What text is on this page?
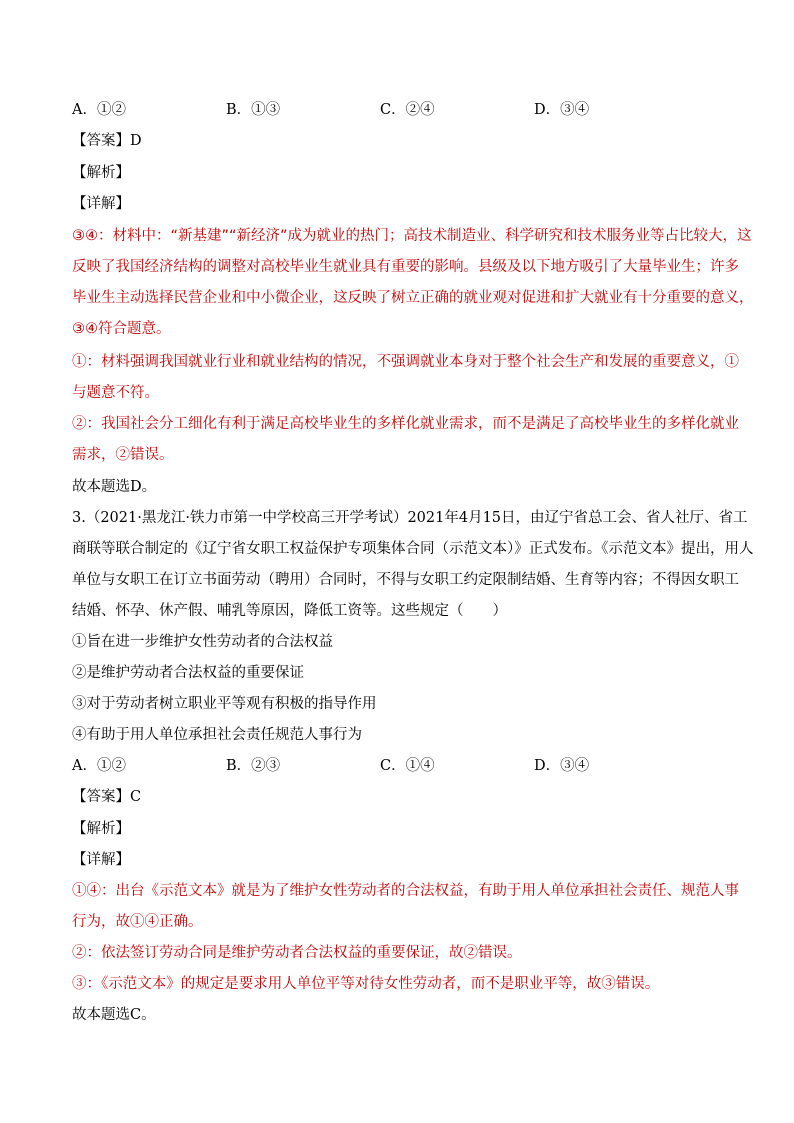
A．①②	B．①③	C．②④	D．③④
【答案】D
【解析】
【详解】
③④：材料中：“新基建”“新经济”成为就业的热门；高技术制造业、科学研究和技术服务业等占比较大，这
反映了我国经济结构的调整对高校毕业生就业具有重要的影响。县级及以下地方吸引了大量毕业生；许多
毕业生主动选择民营企业和中小微企业，这反映了树立正确的就业观对促进和扩大就业有十分重要的意义，
③④符合题意。
①：材料强调我国就业行业和就业结构的情况，不强调就业本身对于整个社会生产和发展的重要意义，①
与题意不符。
②：我国社会分工细化有利于满足高校毕业生的多样化就业需求，而不是满足了高校毕业生的多样化就业
需求，②错误。
故本题选D。
3.（2021·黑龙江·铁力市第一中学校高三开学考试）2021年4月15日，由辽宁省总工会、省人社厅、省工
商联等联合制定的《辽宁省女职工权益保护专项集体合同（示范文本）》正式发布。《示范文本》提出，用人
单位与女职工在订立书面劳动（聘用）合同时，不得与女职工约定限制结婚、生育等内容；不得因女职工
结婚、怀孕、休产假、哺乳等原因，降低工资等。这些规定（　　）
①旨在进一步维护女性劳动者的合法权益
②是维护劳动者合法权益的重要保证
③对于劳动者树立职业平等观有积极的指导作用
④有助于用人单位承担社会责任规范人事行为
A．①②	B．②③	C．①④	D．③④
【答案】C
【解析】
【详解】
①④：出台《示范文本》就是为了维护女性劳动者的合法权益，有助于用人单位承担社会责任、规范人事
行为，故①④正确。
②：依法签订劳动合同是维护劳动者合法权益的重要保证，故②错误。
③：《示范文本》的规定是要求用人单位平等对待女性劳动者，而不是职业平等，故③错误。
故本题选C。
